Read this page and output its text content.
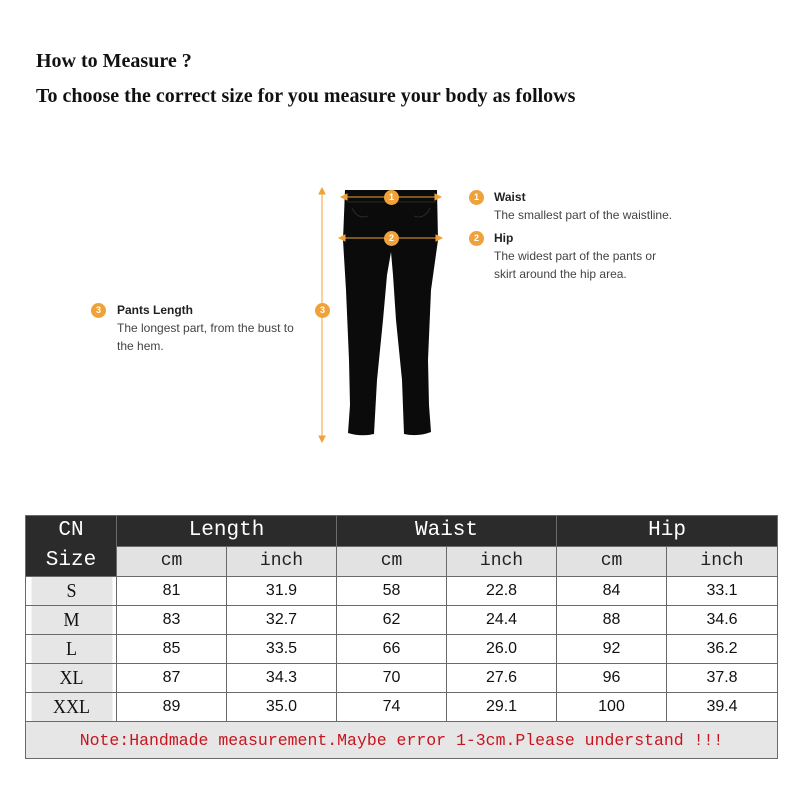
How to Measure ?
To choose the correct size for you measure your body as follows
1
2
3
1	Waist
The smallest part of the waistline.
2	Hip
The widest part of the pants or
skirt around the hip area.
3	Pants Length
The longest part, from the bust to
the hem.
CN
Size	Length		Waist		Hip	
	cm	inch	cm	inch	cm	inch
S	81	31.9	58	22.8	84	33.1
M	83	32.7	62	24.4	88	34.6
L	85	33.5	66	26.0	92	36.2
XL	87	34.3	70	27.6	96	37.8
XXL	89	35.0	74	29.1	100	39.4
Note:Handmade measurement.Maybe error 1-3cm.Please understand !!!						
